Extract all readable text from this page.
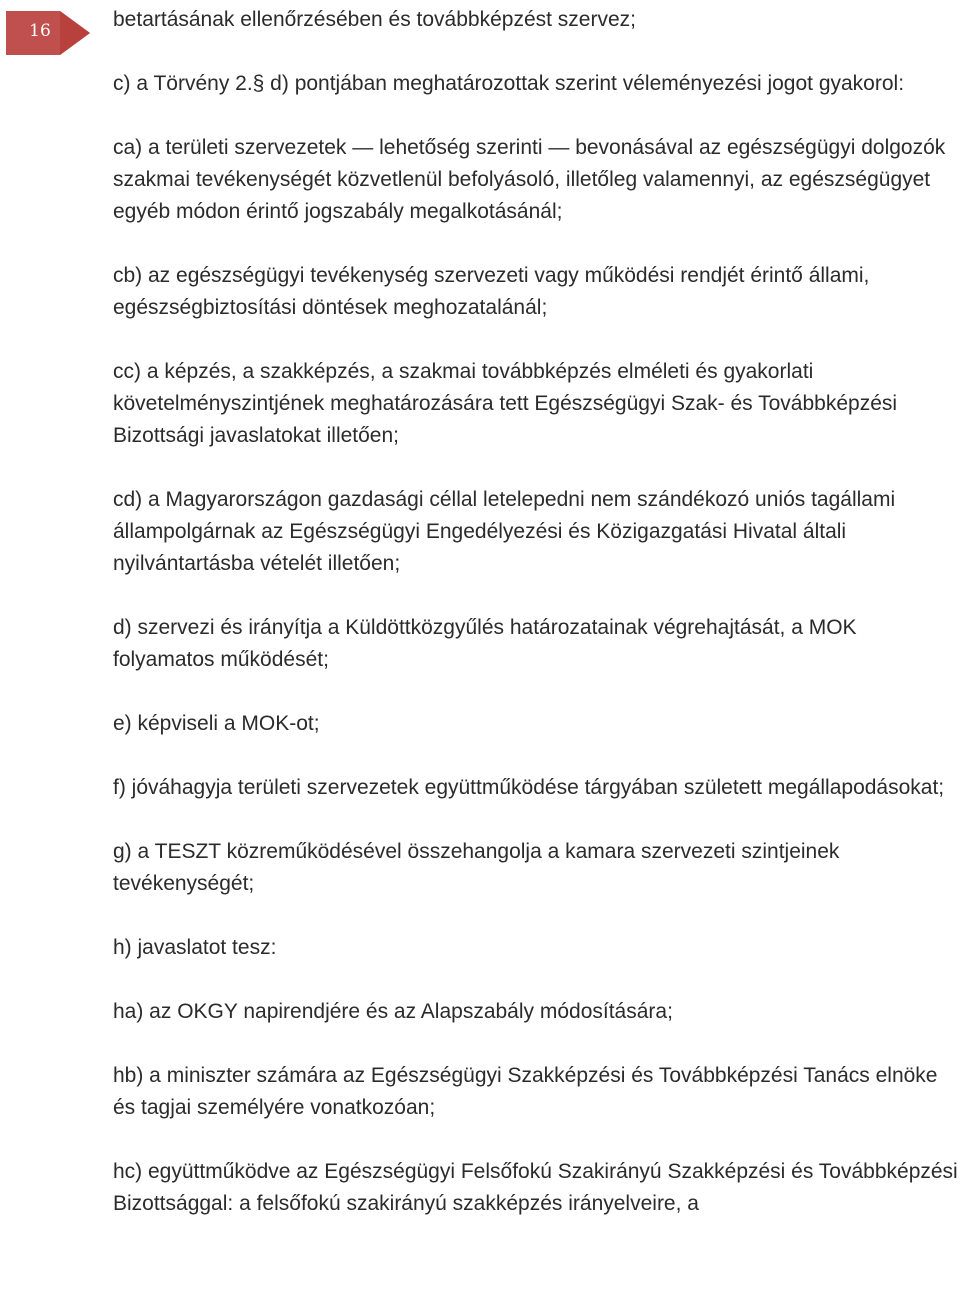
16	betartásának ellenőrzésében és továbbképzést szervez;

c) a Törvény 2.§ d) pontjában meghatározottak szerint véleményezési jogot gyakorol:

ca) a területi szervezetek — lehetőség szerinti — bevonásával az egészségügyi dolgozók szakmai tevékenységét közvetlenül befolyásoló, illetőleg valamennyi, az egészségügyet egyéb módon érintő jogszabály megalkotásánál;

cb) az egészségügyi tevékenység szervezeti vagy működési rendjét érintő állami, egészségbiztosítási döntések meghozatalánál;

cc) a képzés, a szakképzés, a szakmai továbbképzés elméleti és gyakorlati követelményszintjének meghatározására tett Egészségügyi Szak- és Továbbképzési Bizottsági javaslatokat illetően;

cd) a Magyarországon gazdasági céllal letelepedni nem szándékozó uniós tagállami állampolgárnak az Egészségügyi Engedélyezési és Közigazgatási Hivatal általi nyilvántartásba vételét illetően;

d) szervezi és irányítja a Küldöttközgyűlés határozatainak végrehajtását, a MOK folyamatos működését;

e) képviseli a MOK-ot;

f) jóváhagyja területi szervezetek együttműködése tárgyában született megállapodásokat;

g) a TESZT közreműködésével összehangolja a kamara szervezeti szintjeinek tevékenységét;

h) javaslatot tesz:

ha) az OKGY napirendjére és az Alapszabály módosítására;

hb) a miniszter számára az Egészségügyi Szakképzési és Továbbképzési Tanács elnöke és tagjai személyére vonatkozóan;

hc) együttműködve az Egészségügyi Felsőfokú Szakirányú Szakképzési és Továbbképzési Bizottsággal: a felsőfokú szakirányú szakképzés irányelveire, a
